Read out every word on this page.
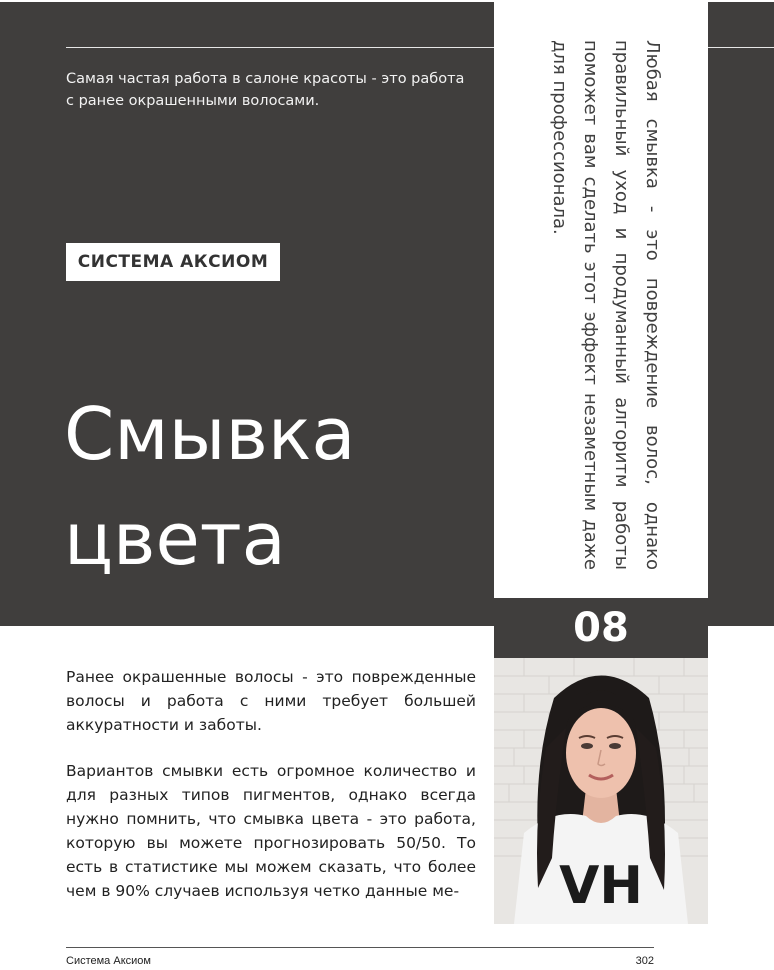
Самая частая работа в салоне красоты - это работа с ранее окрашенными волосами.
СИСТЕМА АКСИОМ
Смывка
цвета	Любая смывка - это повреждение волос, однако правильный уход и продуманный алгоритм работы поможет вам сделать этот эффект незаметным даже для профессионала.
08
VH

Ранее окрашенные волосы - это поврежденные волосы и работа с ними требует большей аккуратности и заботы.

Вариантов смывки есть огромное количество и для разных типов пигментов, однако всегда нужно помнить, что смывка цвета - это работа, которую вы можете прогнозировать 50/50. То есть в статистике мы можем сказать, что более чем в 90% случаев используя четко данные ме-

Система Аксиом	302
